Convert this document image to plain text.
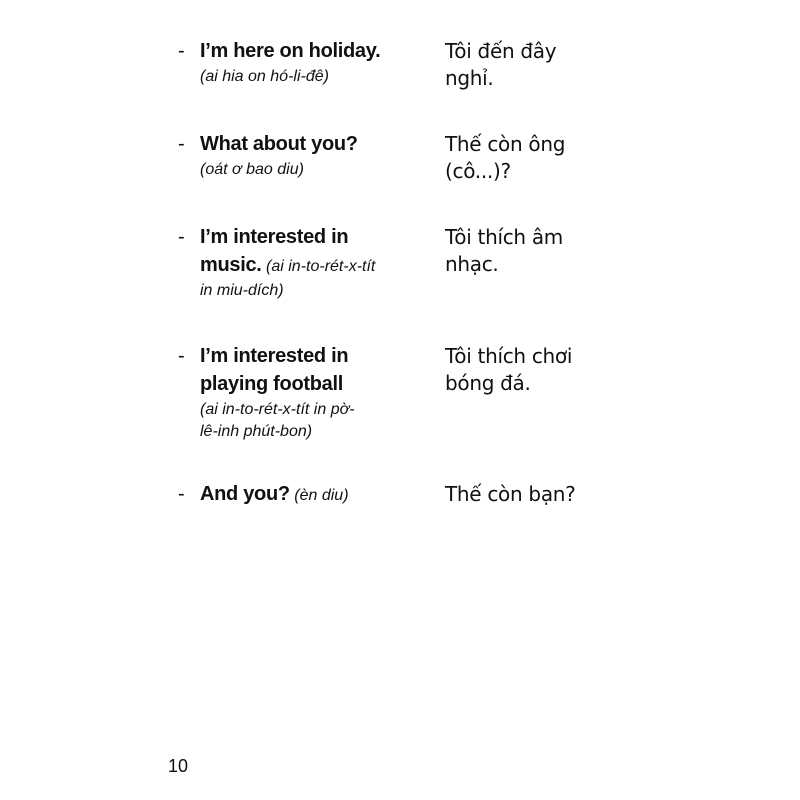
- I’m here on holiday.
(ai hia on hó-li-đê)
Tôi đến đây nghỉ.
- What about you?
(oát ơ bao diu)
Thế còn ông (cô...)?
- I’m interested in
music. (ai in-to-rét-x-tít
in miu-dích)
Tôi thích âm nhạc.
- I’m interested in
playing football
(ai in-to-rét-x-tít in pờ-
lê-inh phút-bon)
Tôi thích chơi bóng đá.
- And you? (èn diu)	Thế còn bạn?
10
